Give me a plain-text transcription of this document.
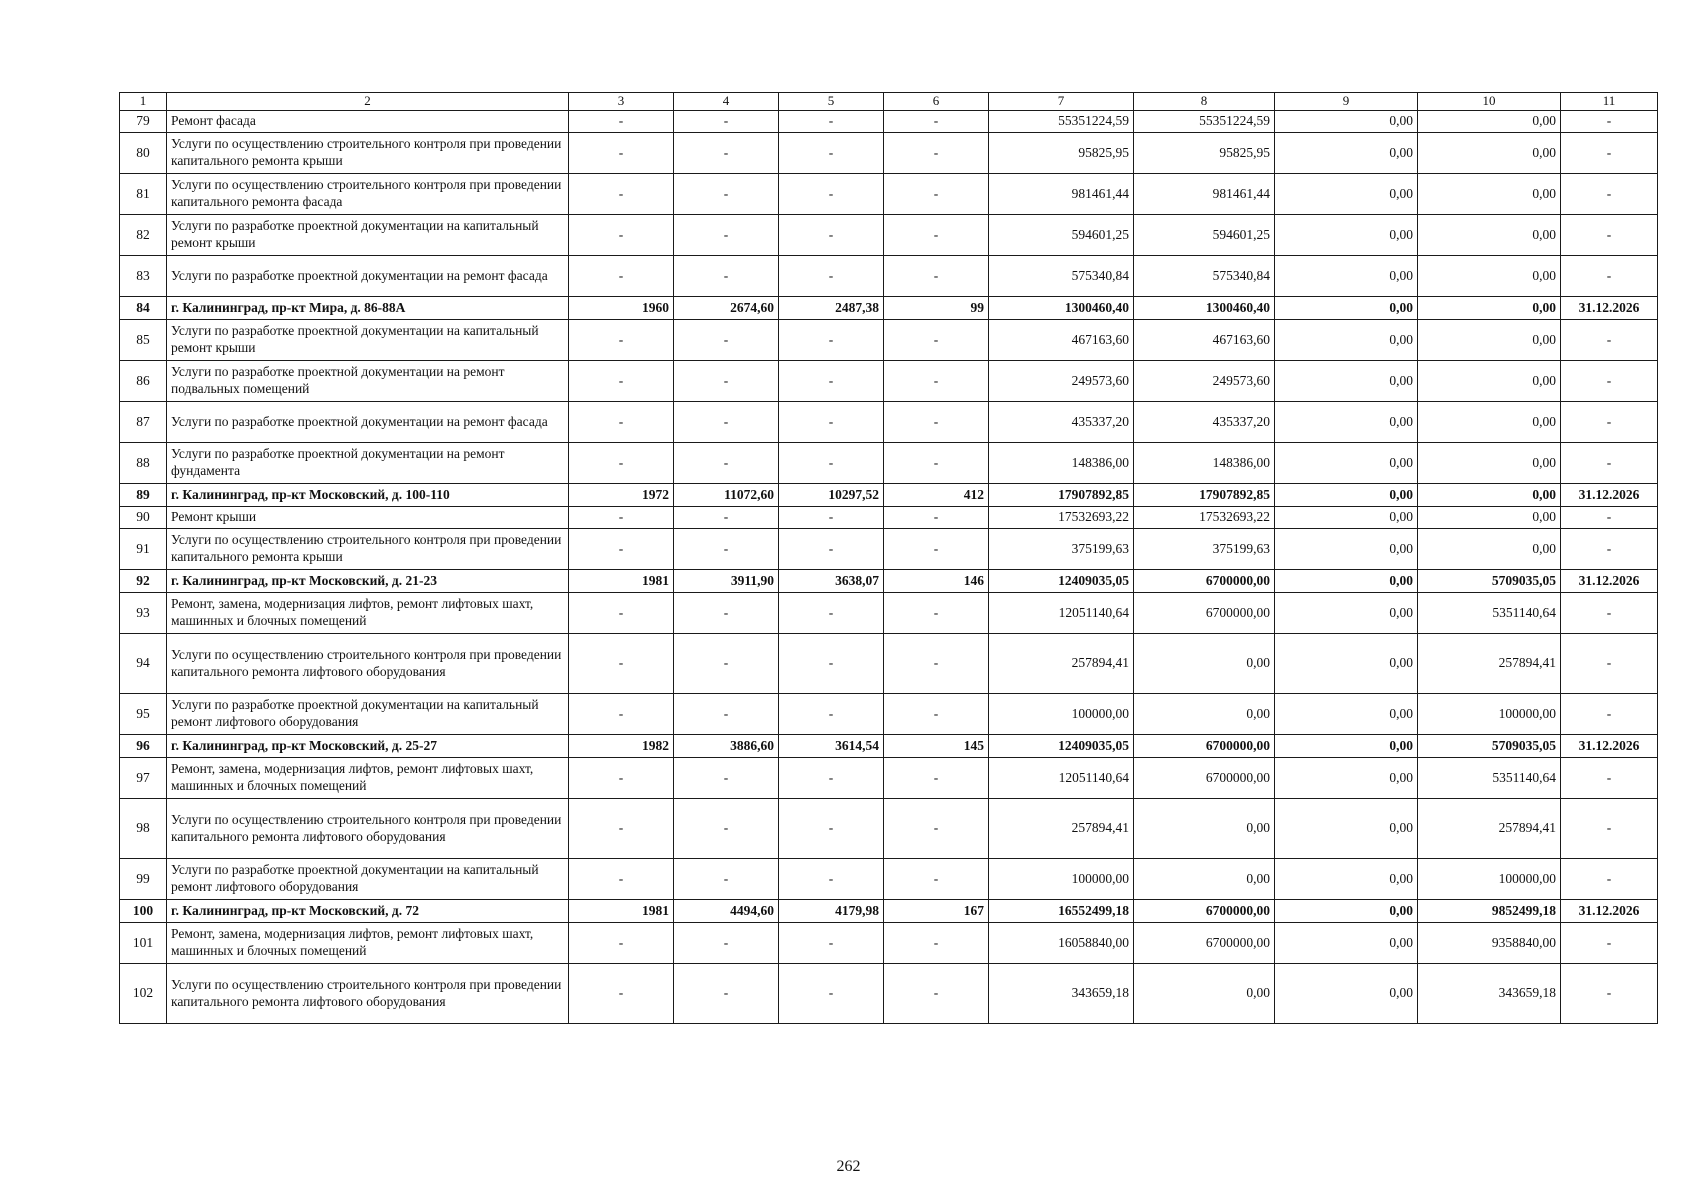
1	2	3	4	5	6	7	8	9	10	11
79	Ремонт фасада	-	-	-	-	55351224,59	55351224,59	0,00	0,00	-
80	Услуги по осуществлению строительного контроля при проведении капитального ремонта крыши	-	-	-	-	95825,95	95825,95	0,00	0,00	-
81	Услуги по осуществлению строительного контроля при проведении капитального ремонта фасада	-	-	-	-	981461,44	981461,44	0,00	0,00	-
82	Услуги по разработке проектной документации на капитальный ремонт крыши	-	-	-	-	594601,25	594601,25	0,00	0,00	-
83	Услуги по разработке проектной документации на ремонт фасада	-	-	-	-	575340,84	575340,84	0,00	0,00	-
84	г. Калининград, пр-кт Мира, д. 86-88А	1960	2674,60	2487,38	99	1300460,40	1300460,40	0,00	0,00	31.12.2026
85	Услуги по разработке проектной документации на капитальный ремонт крыши	-	-	-	-	467163,60	467163,60	0,00	0,00	-
86	Услуги по разработке проектной документации на ремонт подвальных помещений	-	-	-	-	249573,60	249573,60	0,00	0,00	-
87	Услуги по разработке проектной документации на ремонт фасада	-	-	-	-	435337,20	435337,20	0,00	0,00	-
88	Услуги по разработке проектной документации на ремонт фундамента	-	-	-	-	148386,00	148386,00	0,00	0,00	-
89	г. Калининград, пр-кт Московский, д. 100-110	1972	11072,60	10297,52	412	17907892,85	17907892,85	0,00	0,00	31.12.2026
90	Ремонт крыши	-	-	-	-	17532693,22	17532693,22	0,00	0,00	-
91	Услуги по осуществлению строительного контроля при проведении капитального ремонта крыши	-	-	-	-	375199,63	375199,63	0,00	0,00	-
92	г. Калининград, пр-кт Московский, д. 21-23	1981	3911,90	3638,07	146	12409035,05	6700000,00	0,00	5709035,05	31.12.2026
93	Ремонт, замена, модернизация лифтов, ремонт лифтовых шахт, машинных и блочных помещений	-	-	-	-	12051140,64	6700000,00	0,00	5351140,64	-
94	Услуги по осуществлению строительного контроля при проведении капитального ремонта лифтового оборудования	-	-	-	-	257894,41	0,00	0,00	257894,41	-
95	Услуги по разработке проектной документации на капитальный ремонт лифтового оборудования	-	-	-	-	100000,00	0,00	0,00	100000,00	-
96	г. Калининград, пр-кт Московский, д. 25-27	1982	3886,60	3614,54	145	12409035,05	6700000,00	0,00	5709035,05	31.12.2026
97	Ремонт, замена, модернизация лифтов, ремонт лифтовых шахт, машинных и блочных помещений	-	-	-	-	12051140,64	6700000,00	0,00	5351140,64	-
98	Услуги по осуществлению строительного контроля при проведении капитального ремонта лифтового оборудования	-	-	-	-	257894,41	0,00	0,00	257894,41	-
99	Услуги по разработке проектной документации на капитальный ремонт лифтового оборудования	-	-	-	-	100000,00	0,00	0,00	100000,00	-
100	г. Калининград, пр-кт Московский, д. 72	1981	4494,60	4179,98	167	16552499,18	6700000,00	0,00	9852499,18	31.12.2026
101	Ремонт, замена, модернизация лифтов, ремонт лифтовых шахт, машинных и блочных помещений	-	-	-	-	16058840,00	6700000,00	0,00	9358840,00	-
102	Услуги по осуществлению строительного контроля при проведении капитального ремонта лифтового оборудования	-	-	-	-	343659,18	0,00	0,00	343659,18	-
262
